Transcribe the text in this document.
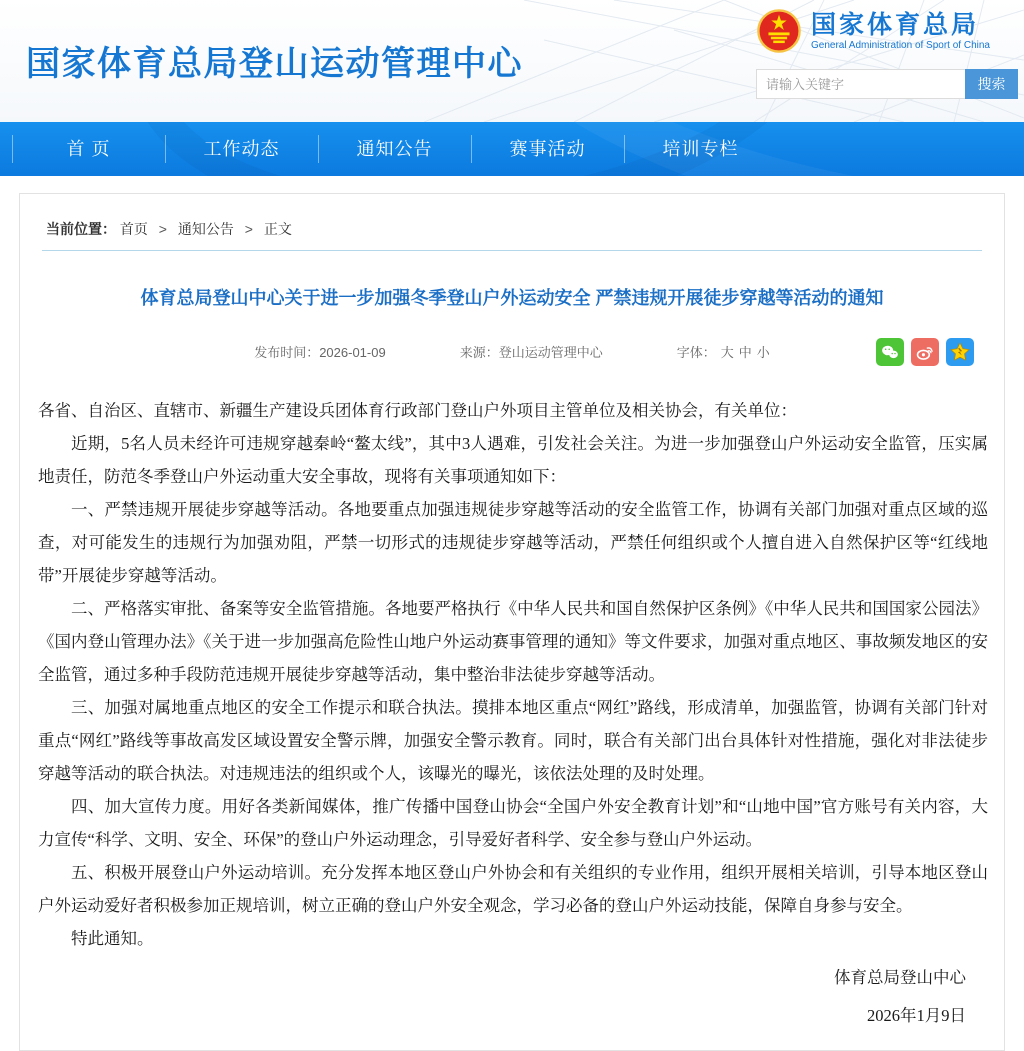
国家体育总局登山运动管理中心
国家体育总局
General Administration of Sport of China
请输入关键字
搜索
首 页	工作动态	通知公告	赛事活动	培训专栏
当前位置： 首页 > 通知公告 > 正文
体育总局登山中心关于进一步加强冬季登山户外运动安全 严禁违规开展徒步穿越等活动的通知
发布时间：2026-01-09	来源：登山运动管理中心	字体： 大 中 小

各省、自治区、直辖市、新疆生产建设兵团体育行政部门登山户外项目主管单位及相关协会，有关单位：

近期，5名人员未经许可违规穿越秦岭“鳌太线”，其中3人遇难，引发社会关注。为进一步加强登山户外运动安全监管，压实属地责任，防范冬季登山户外运动重大安全事故，现将有关事项通知如下：

一、严禁违规开展徒步穿越等活动。各地要重点加强违规徒步穿越等活动的安全监管工作，协调有关部门加强对重点区域的巡查，对可能发生的违规行为加强劝阻，严禁一切形式的违规徒步穿越等活动，严禁任何组织或个人擅自进入自然保护区等“红线地带”开展徒步穿越等活动。

二、严格落实审批、备案等安全监管措施。各地要严格执行《中华人民共和国自然保护区条例》《中华人民共和国国家公园法》《国内登山管理办法》《关于进一步加强高危险性山地户外运动赛事管理的通知》等文件要求，加强对重点地区、事故频发地区的安全监管，通过多种手段防范违规开展徒步穿越等活动，集中整治非法徒步穿越等活动。

三、加强对属地重点地区的安全工作提示和联合执法。摸排本地区重点“网红”路线，形成清单，加强监管，协调有关部门针对重点“网红”路线等事故高发区域设置安全警示牌，加强安全警示教育。同时，联合有关部门出台具体针对性措施，强化对非法徒步穿越等活动的联合执法。对违规违法的组织或个人，该曝光的曝光，该依法处理的及时处理。

四、加大宣传力度。用好各类新闻媒体，推广传播中国登山协会“全国户外安全教育计划”和“山地中国”官方账号有关内容，大力宣传“科学、文明、安全、环保”的登山户外运动理念，引导爱好者科学、安全参与登山户外运动。

五、积极开展登山户外运动培训。充分发挥本地区登山户外协会和有关组织的专业作用，组织开展相关培训，引导本地区登山户外运动爱好者积极参加正规培训，树立正确的登山户外安全观念，学习必备的登山户外运动技能，保障自身参与安全。

特此通知。

体育总局登山中心

2026年1月9日
